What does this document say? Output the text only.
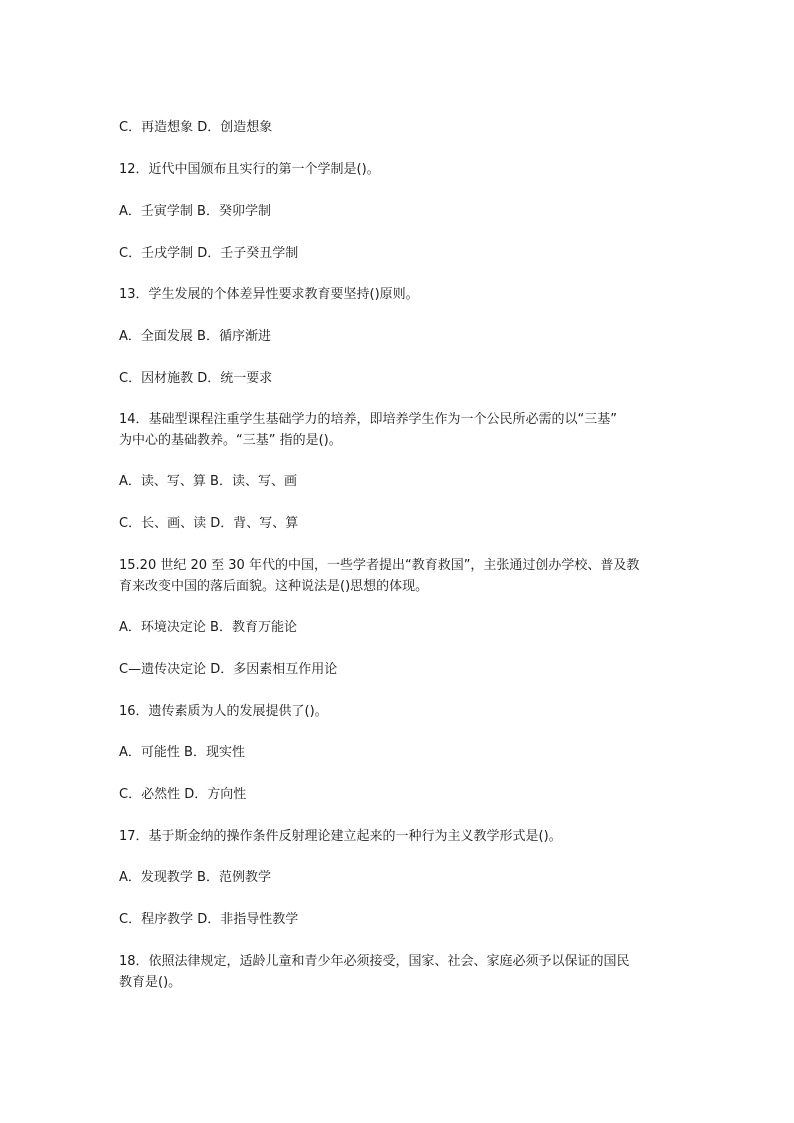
C．再造想象 D．创造想象
12．近代中国颁布且实行的第一个学制是()。
A．壬寅学制 B．癸卯学制
C．壬戌学制 D．壬子癸丑学制
13．学生发展的个体差异性要求教育要坚持()原则。
A．全面发展 B．循序渐进
C．因材施教 D．统一要求
14．基础型课程注重学生基础学力的培养，即培养学生作为一个公民所必需的以“三基”
为中心的基础教养。“三基” 指的是()。
A．读、写、算 B．读、写、画
C．长、画、读 D．背、写、算
15.20 世纪 20 至 30 年代的中国，一些学者提出“教育救国”，主张通过创办学校、普及教
育来改变中国的落后面貌。这种说法是()思想的体现。
A．环境决定论 B．教育万能论
C—遗传决定论 D．多因素相互作用论
16．遗传素质为人的发展提供了()。
A．可能性 B．现实性
C．必然性 D．方向性
17．基于斯金纳的操作条件反射理论建立起来的一种行为主义教学形式是()。
A．发现教学 B．范例教学
C．程序教学 D．非指导性教学
18．依照法律规定，适龄儿童和青少年必须接受，国家、社会、家庭必须予以保证的国民
教育是()。
